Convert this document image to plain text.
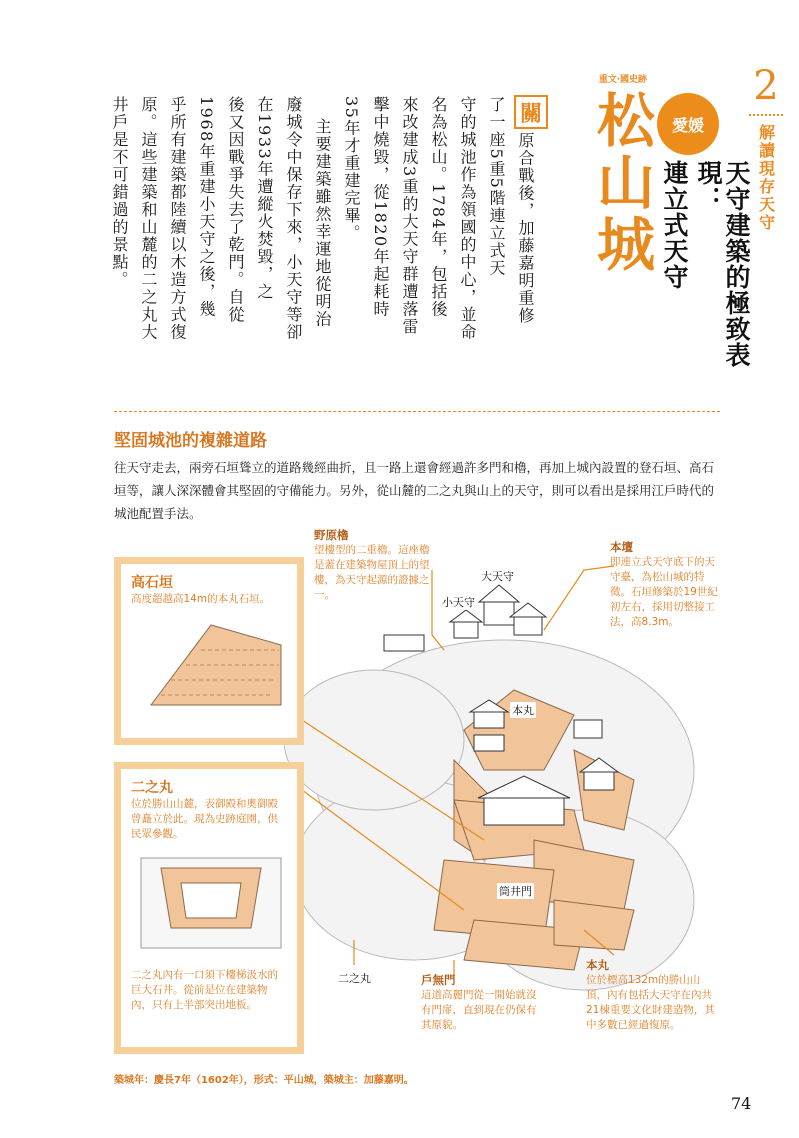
2
解讀現存天守
愛媛
天守建築的極致表現：
連立式天守
重文‧國史跡
松山城
關
原合戰後，加藤嘉明重修
了一座5重5階連立式天
守的城池作為領國的中心，並命
名為松山。1784年，包括後
來改建成3重的大天守群遭落雷
擊中燒毀，從1820年起耗時
35年才重建完畢。
主要建築雖然幸運地從明治
廢城令中保存下來，小天守等卻
在1933年遭縱火焚毀，之
後又因戰爭失去了乾門。自從
1968年重建小天守之後，幾
乎所有建築都陸續以木造方式復
原。這些建築和山麓的二之丸大
井戶是不可錯過的景點。
堅固城池的複雜道路
往天守走去，兩旁石垣聳立的道路幾經曲折，且一路上還會經過許多門和櫓，再加上城內設置的登石垣、高石垣等，讓人深深體會其堅固的守備能力。另外，從山麓的二之丸與山上的天守，則可以看出是採用江戶時代的城池配置手法。
高石垣
高度超越高14m的本丸石垣。
二之丸
位於勝山山麓，表御殿和奧御殿曾矗立於此。現為史跡庭園，供民眾參觀。
二之丸內有一口須下樓梯汲水的巨大石井。從前是位在建築物內，只有上半部突出地板。
野原櫓
望樓型的二重櫓。這座櫓是蓋在建築物屋頂上的望樓，為天守起源的證據之一。
本壇
即連立式天守底下的天守臺，為松山城的特徵。石垣修築於19世紀初左右，採用切整接工法，高8.3m。
戶無門
這道高麗門從一開始就沒有門扉，直到現在仍保有其原貌。
本丸
位於標高132m的勝山山頂，內有包括大天守在內共21棟重要文化財建造物，其中多數已經過復原。
大天守
小天守
本丸
筒井門
二之丸
築城年：慶長7年（1602年），形式：平山城，築城主：加藤嘉明。
74
